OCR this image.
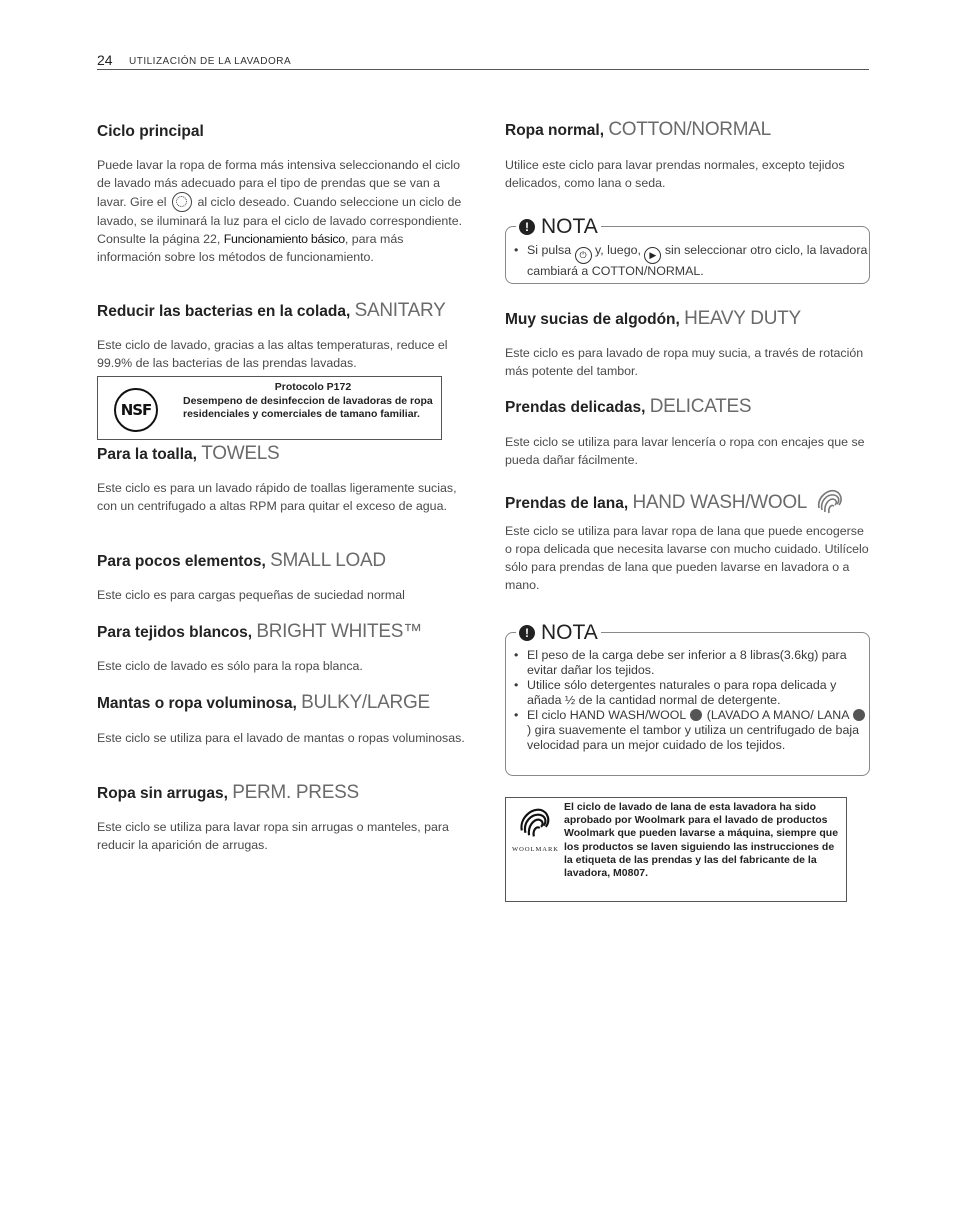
24 UTILIZACIÓN DE LA LAVADORA
Ciclo principal

Puede lavar la ropa de forma más intensiva seleccionando el ciclo de lavado más adecuado para el tipo de prendas que se van a lavar. Gire el al ciclo deseado. Cuando seleccione un ciclo de lavado, se iluminará la luz para el ciclo de lavado correspondiente. Consulte la página 22, Funcionamiento básico, para más información sobre los métodos de funcionamiento.

Reducir las bacterias en la colada, SANITARY

Este ciclo de lavado, gracias a las altas temperaturas, reduce el 99.9% de las bacterias de las prendas lavadas.

NSF
Protocolo P172
Desempeno de desinfeccion de lavadoras de ropa residenciales y comerciales de tamano familiar.
Para la toalla, TOWELS

Este ciclo es para un lavado rápido de toallas ligeramente sucias, con un centrifugado a altas RPM para quitar el exceso de agua.

Para pocos elementos, SMALL LOAD

Este ciclo es para cargas pequeñas de suciedad normal

Para tejidos blancos, BRIGHT WHITES™

Este ciclo de lavado es sólo para la ropa blanca.

Mantas o ropa voluminosa, BULKY/LARGE

Este ciclo se utiliza para el lavado de mantas o ropas voluminosas.

Ropa sin arrugas, PERM. PRESS

Este ciclo se utiliza para lavar ropa sin arrugas o manteles, para reducir la aparición de arrugas.

Ropa normal, COTTON/NORMAL

Utilice este ciclo para lavar prendas normales, excepto tejidos delicados, como lana o seda.

! NOTA
• Si pulsa ⏻ y, luego, ▶ sin seleccionar otro ciclo, la lavadora cambiará a COTTON/NORMAL.
Muy sucias de algodón, HEAVY DUTY

Este ciclo es para lavado de ropa muy sucia, a través de rotación más potente del tambor.

Prendas delicadas, DELICATES

Este ciclo se utiliza para lavar lencería o ropa con encajes que se pueda dañar fácilmente.

Prendas de lana, HAND WASH/WOOL

Este ciclo se utiliza para lavar ropa de lana que puede encogerse o ropa delicada que necesita lavarse con mucho cuidado. Utilícelo sólo para prendas de lana que pueden lavarse en lavadora o a mano.

! NOTA
• El peso de la carga debe ser inferior a 8 libras(3.6kg) para evitar dañar los tejidos.
• Utilice sólo detergentes naturales o para ropa delicada y añada ½ de la cantidad normal de detergente.
• El ciclo HAND WASH/WOOL (LAVADO A MANO/ LANA  ) gira suavemente el tambor y utiliza un centrifugado de baja velocidad para un mejor cuidado de los tejidos.
WOOLMARK
El ciclo de lavado de lana de esta lavadora ha sido aprobado por Woolmark para el lavado de productos Woolmark que pueden lavarse a máquina, siempre que los productos se laven siguiendo las instrucciones de la etiqueta de las prendas y las del fabricante de la lavadora, M0807.
